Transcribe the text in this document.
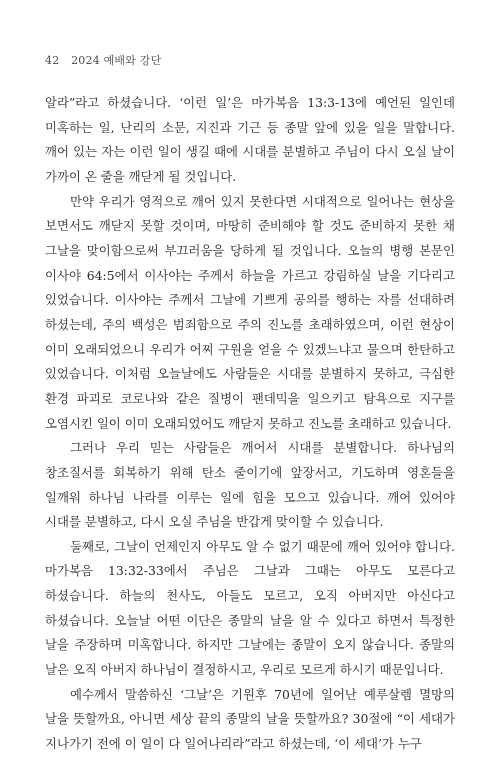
42 2024 예배와 강단

알라”라고 하셨습니다. ‘이런 일’은 마가복음 13:3-13에 예언된 일인데 미혹하는 일, 난리의 소문, 지진과 기근 등 종말 앞에 있을 일을 말합니다. 깨어 있는 자는 이런 일이 생길 때에 시대를 분별하고 주님이 다시 오실 날이 가까이 온 줄을 깨닫게 될 것입니다.

만약 우리가 영적으로 깨어 있지 못한다면 시대적으로 일어나는 현상을 보면서도 깨닫지 못할 것이며, 마땅히 준비해야 할 것도 준비하지 못한 채 그날을 맞이함으로써 부끄러움을 당하게 될 것입니다. 오늘의 병행 본문인 이사야 64:5에서 이사야는 주께서 하늘을 가르고 강림하실 날을 기다리고 있었습니다. 이사야는 주께서 그날에 기쁘게 공의를 행하는 자를 선대하려 하셨는데, 주의 백성은 범죄함으로 주의 진노를 초래하였으며, 이런 현상이 이미 오래되었으니 우리가 어찌 구원을 얻을 수 있겠느냐고 물으며 한탄하고 있었습니다. 이처럼 오늘날에도 사람들은 시대를 분별하지 못하고, 극심한 환경 파괴로 코로나와 같은 질병이 팬데믹을 일으키고 탐욕으로 지구를 오염시킨 일이 이미 오래되었어도 깨닫지 못하고 진노를 초래하고 있습니다.

그러나 우리 믿는 사람들은 깨어서 시대를 분별합니다. 하나님의 창조질서를 회복하기 위해 탄소 줄이기에 앞장서고, 기도하며 영혼들을 일깨워 하나님 나라를 이루는 일에 힘을 모으고 있습니다. 깨어 있어야 시대를 분별하고, 다시 오실 주님을 반갑게 맞이할 수 있습니다.

둘째로, 그날이 언제인지 아무도 알 수 없기 때문에 깨어 있어야 합니다. 마가복음 13:32-33에서 주님은 그날과 그때는 아무도 모른다고 하셨습니다. 하늘의 천사도, 아들도 모르고, 오직 아버지만 아신다고 하셨습니다. 오늘날 어떤 이단은 종말의 날을 알 수 있다고 하면서 특정한 날을 주장하며 미혹합니다. 하지만 그날에는 종말이 오지 않습니다. 종말의 날은 오직 아버지 하나님이 결정하시고, 우리로 모르게 하시기 때문입니다.

예수께서 말씀하신 ‘그날’은 기원후 70년에 일어난 예루살렘 멸망의 날을 뜻할까요, 아니면 세상 끝의 종말의 날을 뜻할까요? 30절에 “이 세대가 지나가기 전에 이 일이 다 일어나리라”라고 하셨는데, ‘이 세대’가 누구
